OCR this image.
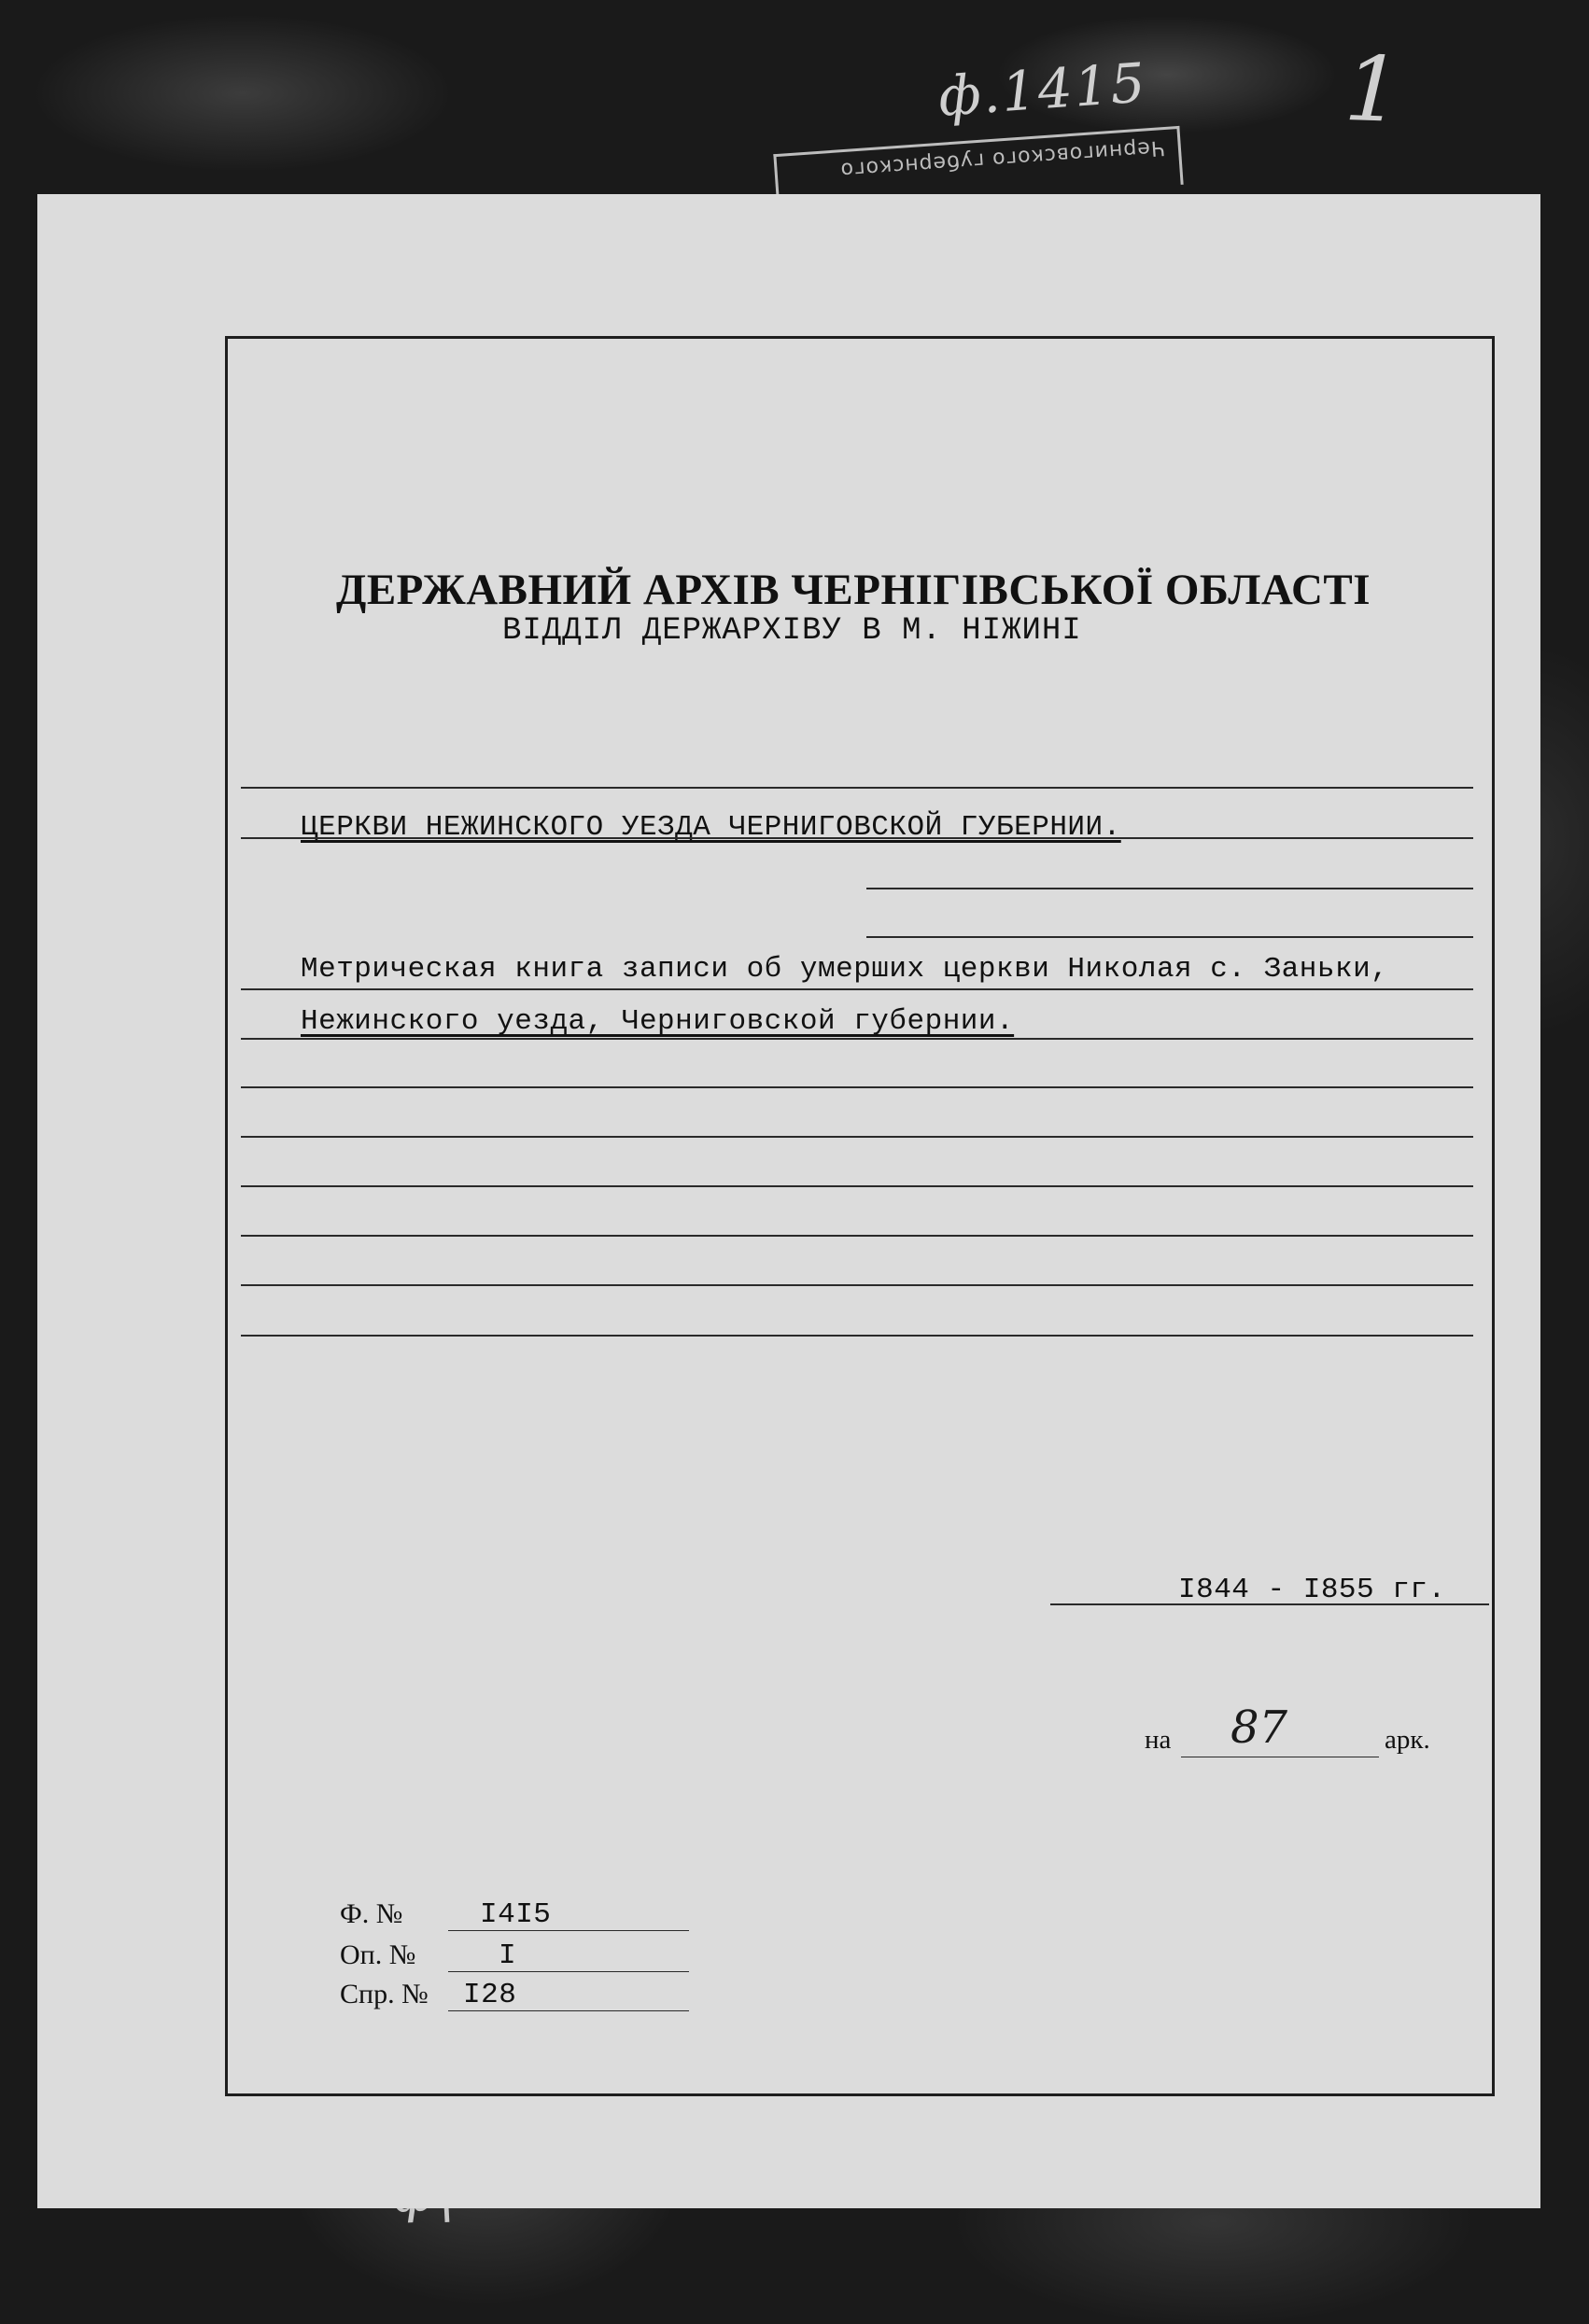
ф.1415 1
Черниговского губернского
ДЕРЖАВНИЙ АРХІВ ЧЕРНІГІВСЬКОЇ ОБЛАСТІ
ВІДДІЛ ДЕРЖАРХІВУ В М. НІЖИНІ
ЦЕРКВИ НЕЖИНСКОГО УЕЗДА ЧЕРНИГОВСКОЙ ГУБЕРНИИ.
Метрическая книга записи об умерших церкви Николая с. Заньки,
Нежинского уезда, Черниговской губернии.
I844 - I855 гг.
на 87	арк.
Ф. №	I4I5
Оп. №	I
Спр. № I28
